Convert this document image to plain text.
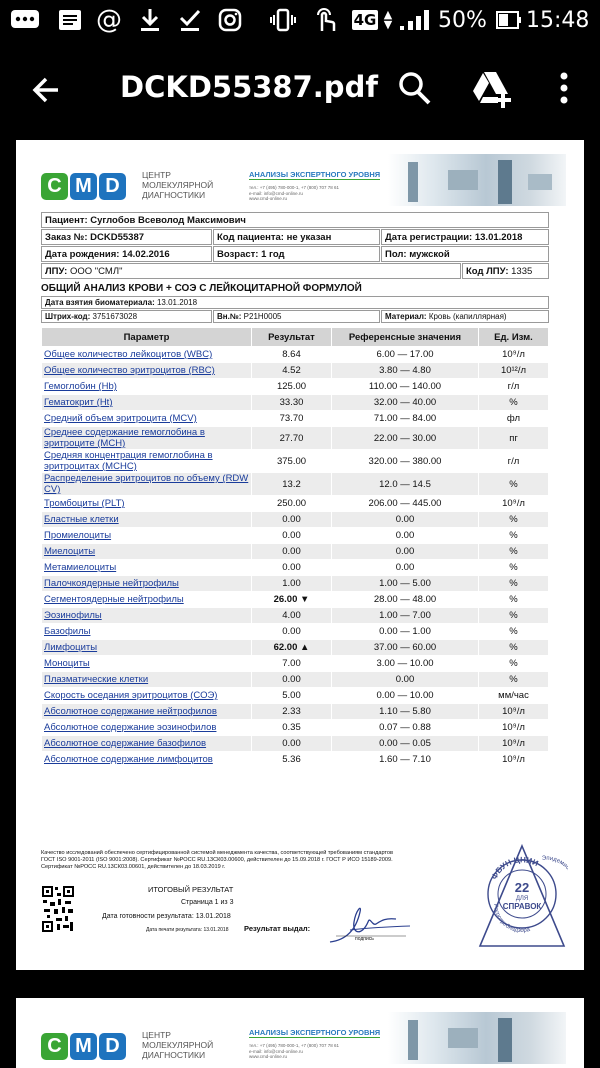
@	4G ▲
▼ 50% 15:48
DCKD55387.pdf
C M D	ЦЕНТР
МОЛЕКУЛЯРНОЙ
ДИАГНОСТИКИ
АНАЛИЗЫ ЭКСПЕРТНОГО УРОВНЯ
тел.: +7 (495) 780-000-1, +7 (800) 707 78 61
e-mail: info@cmd-online.ru
www.cmd-online.ru
Пациент:
Суглобов Всеволод Максимович
Заказ №:
DCKD55387	Код пациента:
не указан	Дата регистрации:
13.01.2018
Дата рождения:
14.02.2016	Возраст:
1 год	Пол:
мужской
ЛПУ:
ООО "СМЛ"	Код ЛПУ:
1335
ОБЩИЙ АНАЛИЗ КРОВИ + СОЭ С ЛЕЙКОЦИТАРНОЙ ФОРМУЛОЙ
Дата взятия биоматериала:
13.01.2018
Штрих-код:
3751673028	Вн.№:
P21H0005	Материал:
Кровь (капиллярная)
Параметр	Результат	Референсные значения	Ед. Изм.
Общее количество лейкоцитов (WBC)	8.64	6.00 — 17.00	10⁹/л
Общее количество эритроцитов (RBC)	4.52	3.80 — 4.80	10¹²/л
Гемоглобин (Hb)	125.00	110.00 — 140.00	г/л
Гематокрит (Ht)	33.30	32.00 — 40.00	%
Средний объем эритроцита (MCV)	73.70	71.00 — 84.00	фл
Среднее содержание гемоглобина в эритроците (MCH)	27.70	22.00 — 30.00	пг
Средняя концентрация гемоглобина в эритроцитах (MCHC)	375.00	320.00 — 380.00	г/л
Распределение эритроцитов по объему (RDW CV)	13.2	12.0 — 14.5	%
Тромбоциты (PLT)	250.00	206.00 — 445.00	10⁹/л
Бластные клетки	0.00	0.00	%
Промиелоциты	0.00	0.00	%
Миелоциты	0.00	0.00	%
Метамиелоциты	0.00	0.00	%
Палочкоядерные нейтрофилы	1.00	1.00 — 5.00	%
Сегментоядерные нейтрофилы	26.00 ▼	28.00 — 48.00	%
Эозинофилы	4.00	1.00 — 7.00	%
Базофилы	0.00	0.00 — 1.00	%
Лимфоциты	62.00 ▲	37.00 — 60.00	%
Моноциты	7.00	3.00 — 10.00	%
Плазматические клетки	0.00	0.00	%
Скорость оседания эритроцитов (СОЭ)	5.00	0.00 — 10.00	мм/час
Абсолютное содержание нейтрофилов	2.33	1.10 — 5.80	10⁹/л
Абсолютное содержание эозинофилов	0.35	0.07 — 0.88	10⁹/л
Абсолютное содержание базофилов	0.00	0.00 — 0.05	10⁹/л
Абсолютное содержание лимфоцитов	5.36	1.60 — 7.10	10⁹/л
Качество исследований обеспечено сертифицированной системой менеджмента качества, соответствующей требованиям стандартов
ГОСТ ISO 9001-2011 (ISO 9001:2008). Сертификат №РОСС RU.13СК03.00600, действителен до 15.09.2018 г. ГОСТ Р ИСО 15189-2009.
Сертификат №РОСС RU.13СК03.00601, действителен до 18.03.2019 г.
ИТОГОВЫЙ РЕЗУЛЬТАТ
Страница 1 из 3
Дата готовности результата: 13.01.2018
Дата печати результата: 13.01.2018 Результат выдал:
подпись
ФБУН ЦНИИ Эпидеми
Роспотребнадзора
22
ДЛЯ
СПРАВОК
C M D	ЦЕНТР
МОЛЕКУЛЯРНОЙ
ДИАГНОСТИКИ
АНАЛИЗЫ ЭКСПЕРТНОГО УРОВНЯ
тел.: +7 (495) 780-000-1, +7 (800) 707 78 61
e-mail: info@cmd-online.ru
www.cmd-online.ru
